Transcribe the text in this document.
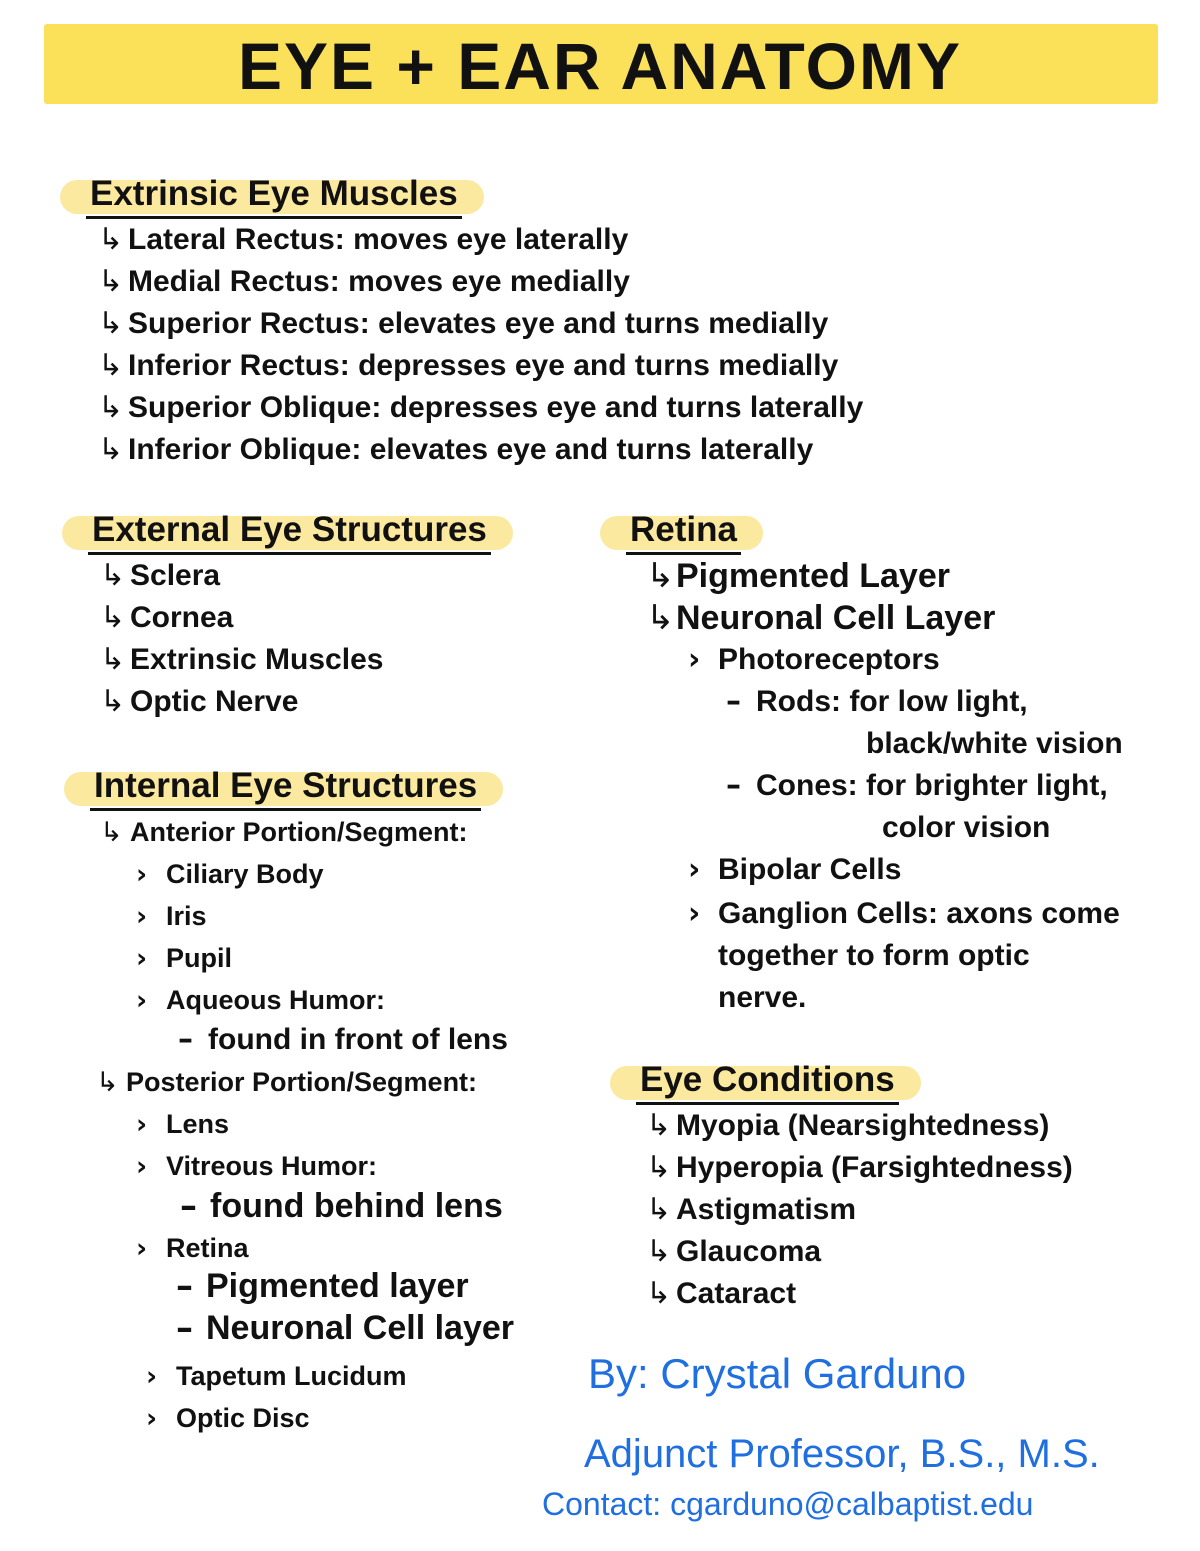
EYE + EAR ANATOMY
Extrinsic Eye Muscles
↳ Lateral Rectus: moves eye laterally
↳ Medial Rectus: moves eye medially
↳ Superior Rectus: elevates eye and turns medially
↳ Inferior Rectus: depresses eye and turns medially
↳ Superior Oblique: depresses eye and turns laterally
↳ Inferior Oblique: elevates eye and turns laterally
External Eye Structures
↳ Sclera
↳ Cornea
↳ Extrinsic Muscles
↳ Optic Nerve
Internal Eye Structures
↳ Anterior Portion/Segment:
› Ciliary Body
› Iris
› Pupil
› Aqueous Humor:
– found in front of lens
↳ Posterior Portion/Segment:
› Lens
› Vitreous Humor:
– found behind lens
› Retina
– Pigmented layer
– Neuronal Cell layer
› Tapetum Lucidum
› Optic Disc
Retina
↳Pigmented Layer
↳Neuronal Cell Layer
› Photoreceptors
– Rods: for low light,
black/white vision
– Cones: for brighter light,
color vision
› Bipolar Cells
› Ganglion Cells: axons come
together to form optic
nerve.
Eye Conditions
↳ Myopia (Nearsightedness)
↳ Hyperopia (Farsightedness)
↳ Astigmatism
↳ Glaucoma
↳ Cataract
By: Crystal Garduno
Adjunct Professor, B.S., M.S.
Contact: cgarduno@calbaptist.edu
